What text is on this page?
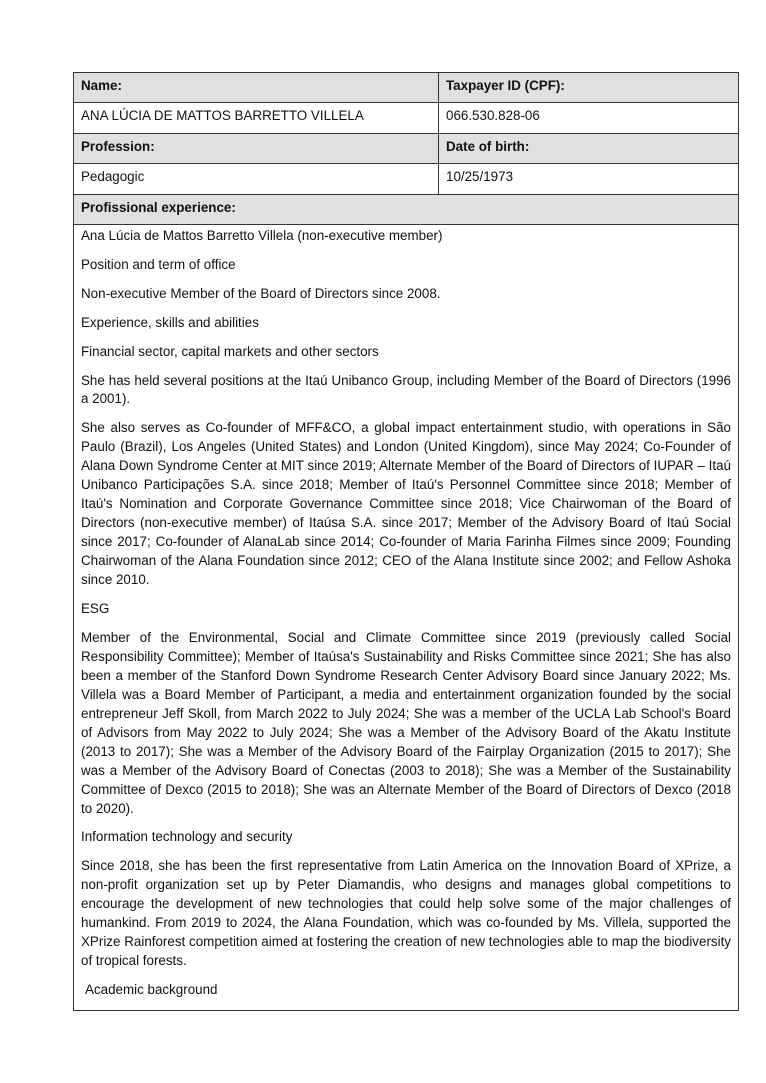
Name:	Taxpayer ID (CPF):
ANA LÚCIA DE MATTOS BARRETTO VILLELA	066.530.828-06
Profession:	Date of birth:
Pedagogic	10/25/1973
Profissional experience:

Ana Lúcia de Mattos Barretto Villela (non-executive member)

Position and term of office

Non-executive Member of the Board of Directors since 2008.

Experience, skills and abilities

Financial sector, capital markets and other sectors

She has held several positions at the Itaú Unibanco Group, including Member of the Board of Directors (1996 a 2001).

She also serves as Co-founder of MFF&CO, a global impact entertainment studio, with operations in São Paulo (Brazil), Los Angeles (United States) and London (United Kingdom), since May 2024; Co-Founder of Alana Down Syndrome Center at MIT since 2019; Alternate Member of the Board of Directors of IUPAR – Itaú Unibanco Participações S.A. since 2018; Member of Itaú's Personnel Committee since 2018; Member of Itaú's Nomination and Corporate Governance Committee since 2018; Vice Chairwoman of the Board of Directors (non-executive member) of Itaúsa S.A. since 2017; Member of the Advisory Board of Itaú Social since 2017; Co-founder of AlanaLab since 2014; Co-founder of Maria Farinha Filmes since 2009; Founding Chairwoman of the Alana Foundation since 2012; CEO of the Alana Institute since 2002; and Fellow Ashoka since 2010.

ESG

Member of the Environmental, Social and Climate Committee since 2019 (previously called Social Responsibility Committee); Member of Itaúsa's Sustainability and Risks Committee since 2021; She has also been a member of the Stanford Down Syndrome Research Center Advisory Board since January 2022; Ms. Villela was a Board Member of Participant, a media and entertainment organization founded by the social entrepreneur Jeff Skoll, from March 2022 to July 2024; She was a member of the UCLA Lab School's Board of Advisors from May 2022 to July 2024; She was a Member of the Advisory Board of the Akatu Institute (2013 to 2017); She was a Member of the Advisory Board of the Fairplay Organization (2015 to 2017); She was a Member of the Advisory Board of Conectas (2003 to 2018); She was a Member of the Sustainability Committee of Dexco (2015 to 2018); She was an Alternate Member of the Board of Directors of Dexco (2018 to 2020).

Information technology and security

Since 2018, she has been the first representative from Latin America on the Innovation Board of XPrize, a non-profit organization set up by Peter Diamandis, who designs and manages global competitions to encourage the development of new technologies that could help solve some of the major challenges of humankind. From 2019 to 2024, the Alana Foundation, which was co-founded by Ms. Villela, supported the XPrize Rainforest competition aimed at fostering the creation of new technologies able to map the biodiversity of tropical forests.

Academic background
